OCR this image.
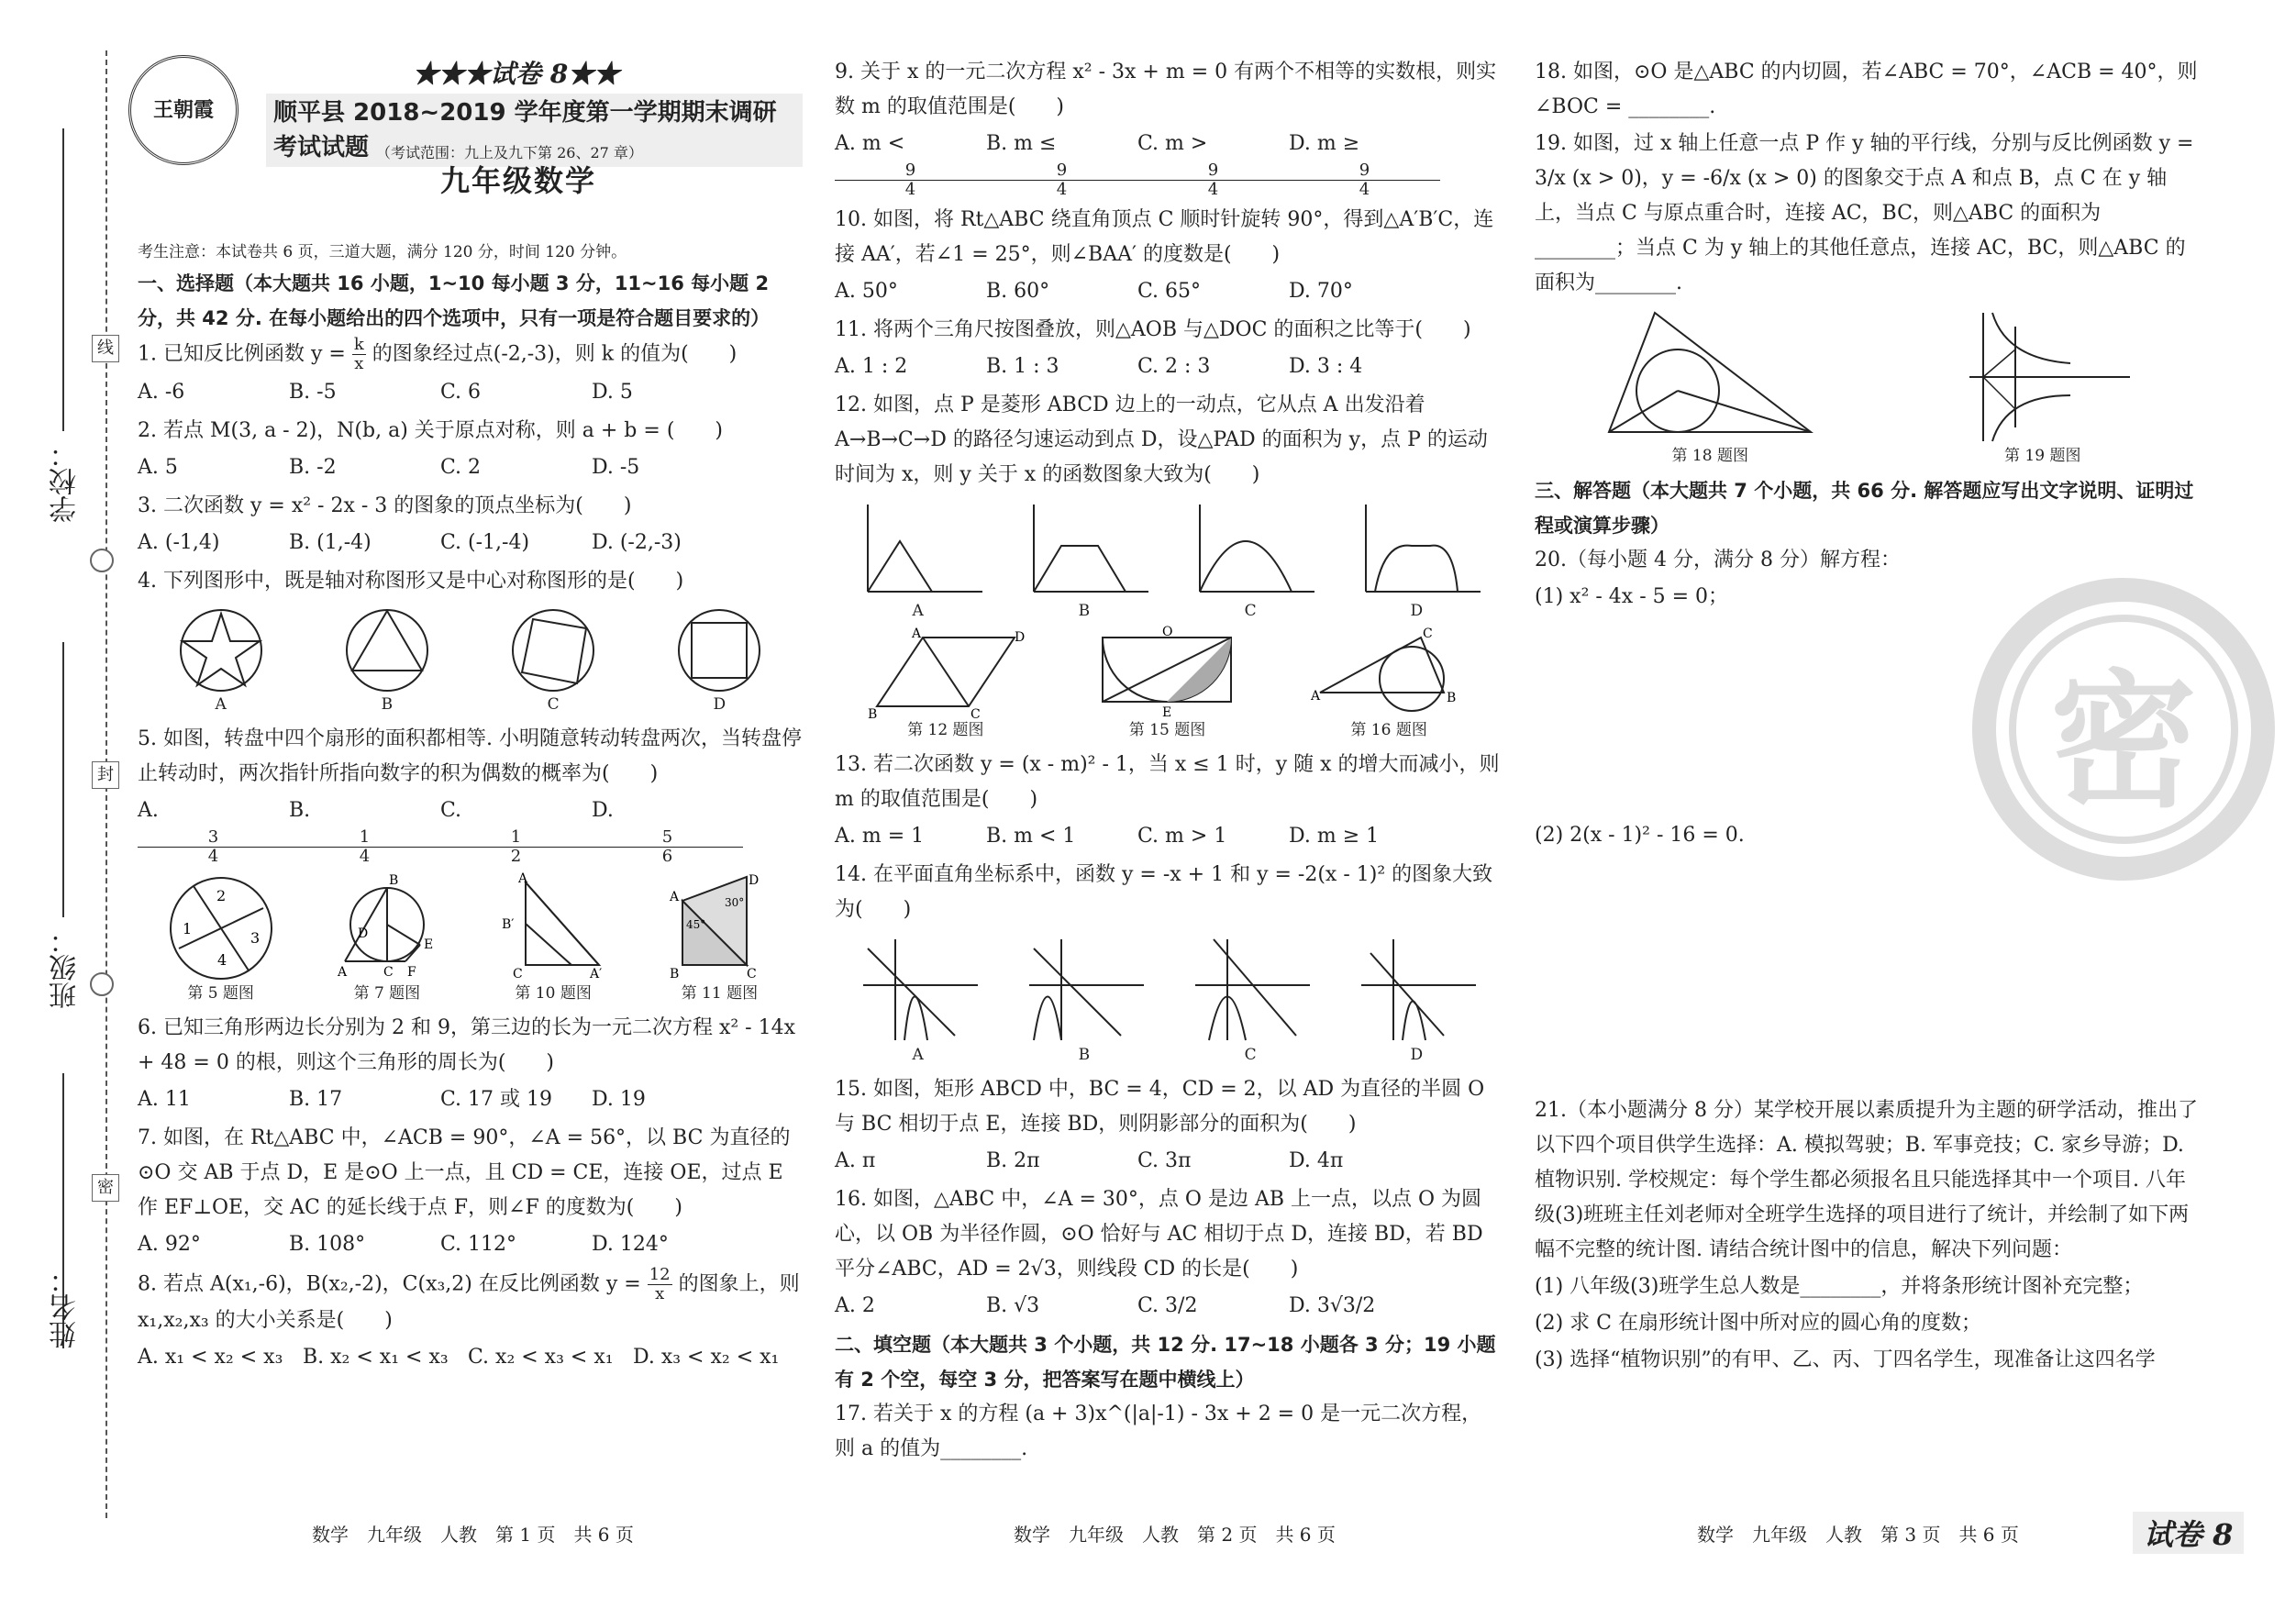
学校：
班级：
姓名：
线
封
密
王朝霞
★★★试卷 8★★
顺平县 2018~2019 学年度第一学期期末调研考试试题 （考试范围：九上及九下第 26、27 章）
九年级数学
考生注意：本试卷共 6 页，三道大题，满分 120 分，时间 120 分钟。
一、选择题（本大题共 16 小题，1~10 每小题 3 分，11~16 每小题 2 分，共 42 分. 在每小题给出的四个选项中，只有一项是符合题目要求的）
1. 已知反比例函数 $y = \frac{k}{x}$ 的图象经过点(-2,-3)，则 k 的值为(　　)
A. -6	B. -5	C. 6	D. 5
2. 若点 M(3, a - 2)，N(b, a) 关于原点对称，则 a + b = (　　)
A. 5	B. -2	C. 2	D. -5
3. 二次函数 y = x² - 2x - 3 的图象的顶点坐标为(　　)
A. (-1,4)	B. (1,-4)	C. (-1,-4)	D. (-2,-3)
4. 下列图形中，既是轴对称图形又是中心对称图形的是(　　)
A	B	C	D
5. 如图，转盘中四个扇形的面积都相等. 小明随意转动转盘两次，当转盘停止转动时，两次指针所指向数字的积为偶数的概率为(　　)
A.
$\frac{3}{4}$
B.
$\frac{1}{4}$
C.
$\frac{1}{2}$
D.
$\frac{5}{6}$
2
1
3
4
第 5 题图
A
B
C
D
E
F
第 7 题图
A
B′
C	A′
第 10 题图
A
D
B	C
45°
30°
第 11 题图
6. 已知三角形两边长分别为 2 和 9，第三边的长为一元二次方程 x² - 14x + 48 = 0 的根，则这个三角形的周长为(　　)
A. 11	B. 17	C. 17 或 19	D. 19
7. 如图，在 Rt△ABC 中，∠ACB = 90°，∠A = 56°，以 BC 为直径的⊙O 交 AB 于点 D，E 是⊙O 上一点，且 CD = CE，连接 OE，过点 E 作 EF⊥OE，交 AC 的延长线于点 F，则∠F 的度数为(　　)
A. 92°	B. 108°	C. 112°	D. 124°
8. 若点 A(x₁,-6)，B(x₂,-2)，C(x₃,2) 在反比例函数 $y = \frac{12}{x}$ 的图象上，则 x₁,x₂,x₃ 的大小关系是(　　)
A. x₁ < x₂ < x₃ B. x₂ < x₁ < x₃ C. x₂ < x₃ < x₁ D. x₃ < x₂ < x₁
9. 关于 x 的一元二次方程 x² - 3x + m = 0 有两个不相等的实数根，则实数 m 的取值范围是(　　)
A. m <
$\frac{9}{4}$
B. m ≤
$\frac{9}{4}$
C. m >
$\frac{9}{4}$
D. m ≥
$\frac{9}{4}$
10. 如图，将 Rt△ABC 绕直角顶点 C 顺时针旋转 90°，得到△A′B′C，连接 AA′，若∠1 = 25°，则∠BAA′ 的度数是(　　)
A. 50°	B. 60°	C. 65°	D. 70°
11. 将两个三角尺按图叠放，则△AOB 与△DOC 的面积之比等于(　　)
A. 1 : 2	B. 1 : 3	C. 2 : 3	D. 3 : 4
12. 如图，点 P 是菱形 ABCD 边上的一动点，它从点 A 出发沿着 A→B→C→D 的路径匀速运动到点 D，设△PAD 的面积为 y，点 P 的运动时间为 x，则 y 关于 x 的函数图象大致为(　　)
A	B	C	D
A	D
B	C
第 12 题图
O
E
第 15 题图
A
C
B
第 16 题图
13. 若二次函数 y = (x - m)² - 1，当 x ≤ 1 时，y 随 x 的增大而减小，则 m 的取值范围是(　　)
A. m = 1	B. m < 1	C. m > 1	D. m ≥ 1
14. 在平面直角坐标系中，函数 y = -x + 1 和 y = -2(x - 1)² 的图象大致为(　　)
A	B	C	D
15. 如图，矩形 ABCD 中，BC = 4，CD = 2，以 AD 为直径的半圆 O 与 BC 相切于点 E，连接 BD，则阴影部分的面积为(　　)
A. π	B. 2π	C. 3π	D. 4π
16. 如图，△ABC 中，∠A = 30°，点 O 是边 AB 上一点，以点 O 为圆心，以 OB 为半径作圆，⊙O 恰好与 AC 相切于点 D，连接 BD，若 BD 平分∠ABC，AD = 2√3，则线段 CD 的长是(　　)
A. 2	B. √3	C. 3/2	D. 3√3/2
二、填空题（本大题共 3 个小题，共 12 分. 17~18 小题各 3 分；19 小题有 2 个空，每空 3 分，把答案写在题中横线上）
17. 若关于 x 的方程 (a + 3)x^(|a|-1) - 3x + 2 = 0 是一元二次方程，则 a 的值为________.
18. 如图，⊙O 是△ABC 的内切圆，若∠ABC = 70°，∠ACB = 40°，则∠BOC = ________.
19. 如图，过 x 轴上任意一点 P 作 y 轴的平行线，分别与反比例函数 y = 3/x (x > 0)，y = -6/x (x > 0) 的图象交于点 A 和点 B，点 C 在 y 轴上，当点 C 与原点重合时，连接 AC，BC，则△ABC 的面积为________；当点 C 为 y 轴上的其他任意点，连接 AC，BC，则△ABC 的面积为________.
第 18 题图	第 19 题图
三、解答题（本大题共 7 个小题，共 66 分. 解答题应写出文字说明、证明过程或演算步骤）
20.（每小题 4 分，满分 8 分）解方程：
(1) x² - 4x - 5 = 0；
(2) 2(x - 1)² - 16 = 0.
21.（本小题满分 8 分）某学校开展以素质提升为主题的研学活动，推出了以下四个项目供学生选择：A. 模拟驾驶；B. 军事竞技；C. 家乡导游；D. 植物识别. 学校规定：每个学生都必须报名且只能选择其中一个项目. 八年级(3)班班主任刘老师对全班学生选择的项目进行了统计，并绘制了如下两幅不完整的统计图. 请结合统计图中的信息，解决下列问题：
(1) 八年级(3)班学生总人数是________，并将条形统计图补充完整；
(2) 求 C 在扇形统计图中所对应的圆心角的度数；
(3) 选择“植物识别”的有甲、乙、丙、丁四名学生，现准备让这四名学
密
数学　九年级　人教　第 1 页　共 6 页	数学　九年级　人教　第 2 页　共 6 页	数学　九年级　人教　第 3 页　共 6 页	试卷 8
